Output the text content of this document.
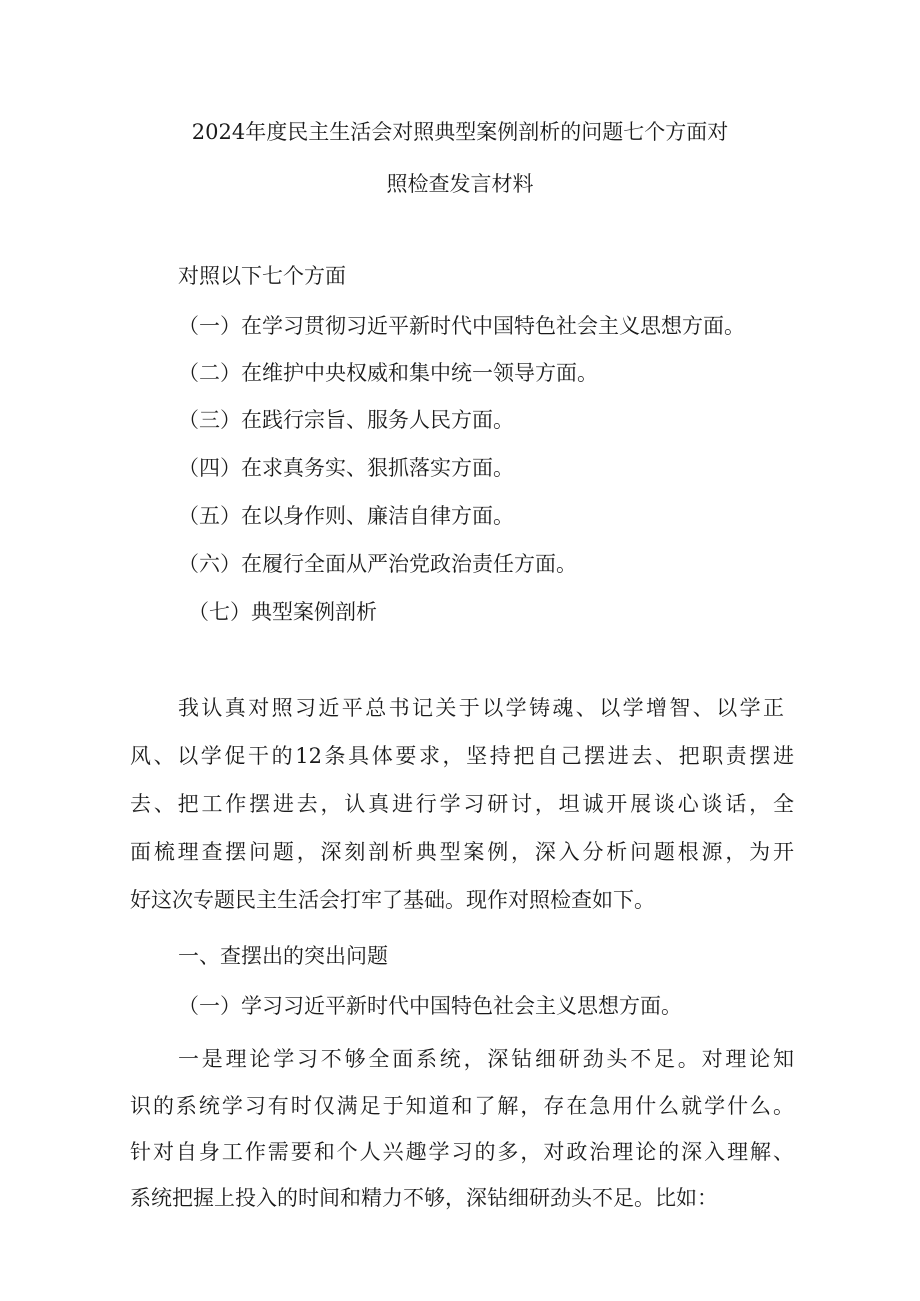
2024年度民主生活会对照典型案例剖析的问题七个方面对
照检查发言材料
对照以下七个方面
（一）在学习贯彻习近平新时代中国特色社会主义思想方面。
（二）在维护中央权威和集中统一领导方面。
（三）在践行宗旨、服务人民方面。
（四）在求真务实、狠抓落实方面。
（五）在以身作则、廉洁自律方面。
（六）在履行全面从严治党政治责任方面。
（七）典型案例剖析
我认真对照习近平总书记关于以学铸魂、以学增智、以学正
风、以学促干的12条具体要求，坚持把自己摆进去、把职责摆进
去、把工作摆进去，认真进行学习研讨，坦诚开展谈心谈话，全
面梳理查摆问题，深刻剖析典型案例，深入分析问题根源，为开
好这次专题民主生活会打牢了基础。现作对照检查如下。
一、查摆出的突出问题
（一）学习习近平新时代中国特色社会主义思想方面。
一是理论学习不够全面系统，深钻细研劲头不足。对理论知
识的系统学习有时仅满足于知道和了解，存在急用什么就学什么。
针对自身工作需要和个人兴趣学习的多，对政治理论的深入理解、
系统把握上投入的时间和精力不够，深钻细研劲头不足。比如：
